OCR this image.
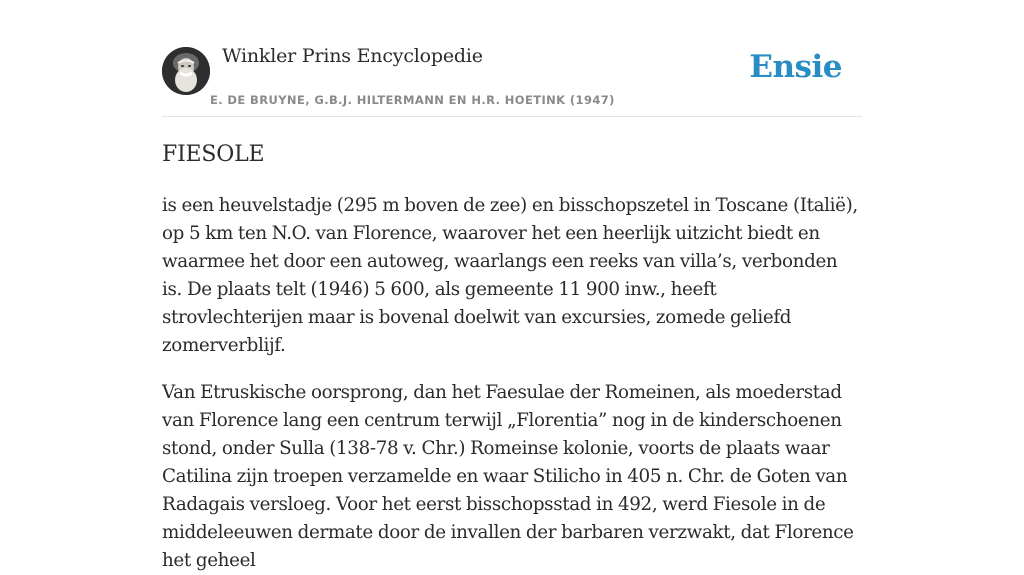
Winkler Prins Encyclopedie
E. DE BRUYNE, G.B.J. HILTERMANN EN H.R. HOETINK (1947)
Ensie
FIESOLE

is een heuvelstadje (295 m boven de zee) en bisschopszetel in Toscane (Italië), op 5 km ten N.O. van Florence, waarover het een heerlijk uitzicht biedt en waarmee het door een autoweg, waarlangs een reeks van villa’s, verbonden is. De plaats telt (1946) 5 600, als gemeente 11 900 inw., heeft strovlechterijen maar is bovenal doelwit van excursies, zomede geliefd zomerverblijf.

Van Etruskische oorsprong, dan het Faesulae der Romeinen, als moederstad van Florence lang een centrum terwijl „Florentia” nog in de kinderschoenen stond, onder Sulla (138-78 v. Chr.) Romeinse kolonie, voorts de plaats waar Catilina zijn troepen verzamelde en waar Stilicho in 405 n. Chr. de Goten van Radagais versloeg. Voor het eerst bisschopsstad in 492, werd Fiesole in de middeleeuwen dermate door de invallen der barbaren verzwakt, dat Florence het geheel
